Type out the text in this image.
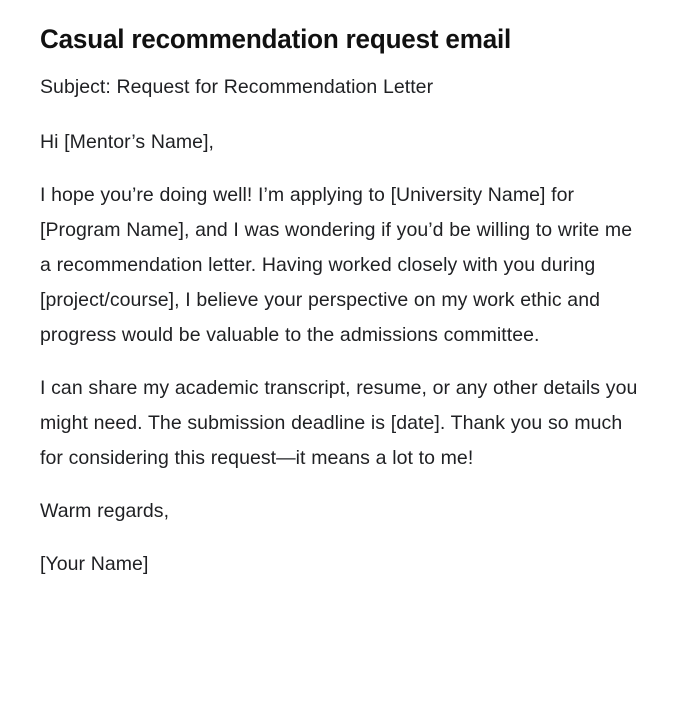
Casual recommendation request email

Subject: Request for Recommendation Letter

Hi [Mentor’s Name],

I hope you’re doing well! I’m applying to [University Name] for [Program Name], and I was wondering if you’d be willing to write me a recommendation letter. Having worked closely with you during [project/course], I believe your perspective on my work ethic and progress would be valuable to the admissions committee.

I can share my academic transcript, resume, or any other details you might need. The submission deadline is [date]. Thank you so much for considering this request—it means a lot to me!

Warm regards,

[Your Name]
